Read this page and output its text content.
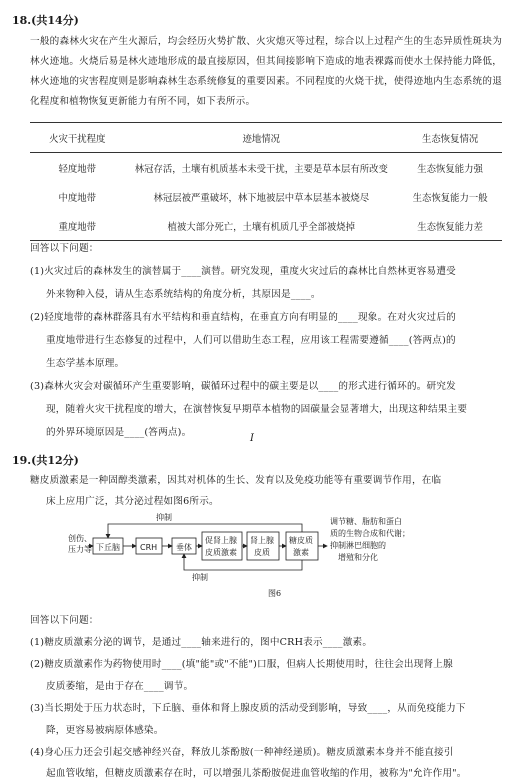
18.(共14分)
一般的森林火灾在产生火源后，均会经历火势扩散、火灾熄灭等过程，综合以上过程产生的生态异质性斑块为林火迹地。火烧后易是林火迹地形成的最直接原因，但其间接影响下造成的地表裸露而使水土保持能力降低，林火迹地的灾害程度则是影响森林生态系统修复的重要因素。不同程度的火烧干扰，使得迹地内生态系统的退化程度和植物恢复更新能力有所不同，如下表所示。
火灾干扰程度	迹地情况	生态恢复情况
轻度地带	林冠存活，土壤有机质基本未受干扰，主要是草本层有所改变	生态恢复能力强
中度地带	林冠层被严重破坏，林下地被层中草本层基本被烧尽	生态恢复能力一般
重度地带	植被大部分死亡，土壤有机质几乎全部被烧掉	生态恢复能力差
回答以下问题：
(1)火灾过后的森林发生的演替属于____演替。研究发现，重度火灾过后的森林比自然林更容易遭受
外来物种入侵，请从生态系统结构的角度分析，其原因是____。
(2)轻度地带的森林群落具有水平结构和垂直结构，在垂直方向有明显的____现象。在对火灾过后的
重度地带进行生态修复的过程中，人们可以借助生态工程，应用该工程需要遵循____(答两点)的
生态学基本原理。
(3)森林火灾会对碳循环产生重要影响，碳循环过程中的碳主要是以____的形式进行循环的。研究发
现，随着火灾干扰程度的增大，在演替恢复早期草本植物的固碳量会显著增大，出现这种结果主要
的外界环境原因是____(答两点)。
I
19.(共12分)
糖皮质激素是一种固醇类激素，因其对机体的生长、发育以及免疫功能等有重要调节作用，在临
床上应用广泛，其分泌过程如图6所示。
抑制
抑制
创伤、
压力等 下丘脑	CRH 垂体
促肾上腺
皮质激素
肾上腺
皮质
糖皮质
激素
调节糖、脂肪和蛋白
质的生物合成和代谢；
抑制淋巴细胞的
增殖和分化
图6
回答以下问题：
(1)糖皮质激素分泌的调节，是通过____轴来进行的，图中CRH表示____激素。
(2)糖皮质激素作为药物使用时____(填"能"或"不能")口服，但病人长期使用时，往往会出现肾上腺
皮质萎缩，是由于存在____调节。
(3)当长期处于压力状态时，下丘脑、垂体和肾上腺皮质的活动受到影响，导致____，从而免疫能力下
降，更容易被病原体感染。
(4)身心压力还会引起交感神经兴奋，释放儿茶酚胺(一种神经递质)。糖皮质激素本身并不能直接引
起血管收缩，但糖皮质激素存在时，可以增强儿茶酚胺促进血管收缩的作用，被称为"允许作用"。
